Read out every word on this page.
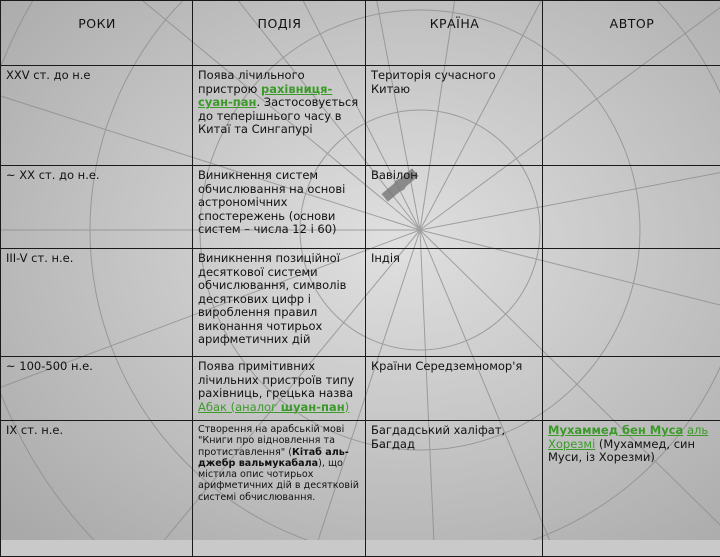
РОКИ	ПОДІЯ	КРАЇНА	АВТОР
XXV ст. до н.е	Поява лічильного пристрою рахівниця-суан-пан. Застосовується до теперішнього часу в Китаї та Сингапурі	Територія сучасного Китаю	
~ XX ст. до н.е.	Виникнення систем обчислювання на основі астрономічних спостережень (основи систем – числа 12 і 60)	Вавілон	
III-V ст. н.е.	Виникнення позиційної десяткової системи обчислювання, символів десяткових цифр і вироблення правил виконання чотирьох арифметичних дій	Індія	
~ 100-500 н.е.	Поява примітивних лічильних пристроїв типу рахівниць, грецька назва Абак (аналог шуан-пан)	Країни Середземномор'я	
IX ст. н.е.	Створення на арабській мові "Книги про відновлення та протиставлення" (Кітаб аль-джебр вальмукабала), що містила опис чотирьох арифметичних дій в десятковій системі обчислювання.	Багдадський халіфат, Багдад	Мухаммед бен Муса аль Хорезмі (Мухаммед, син Муси, із Хорезми)
